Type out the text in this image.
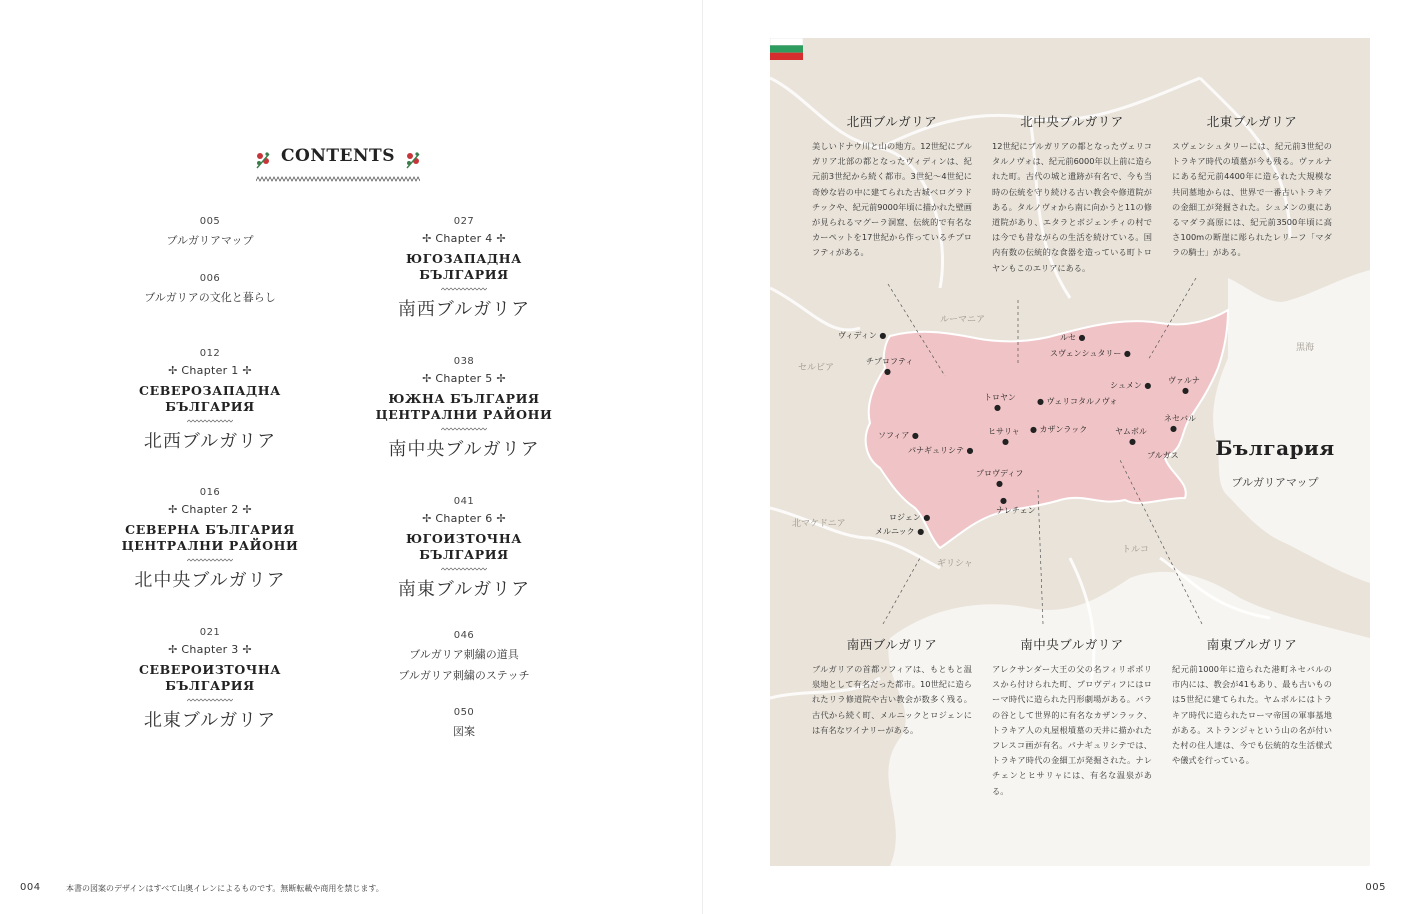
CONTENTS
005
ブルガリアマップ
006
ブルガリアの文化と暮らし
012
✢ Chapter 1 ✢
СЕВЕРОЗАПАДНА
БЪЛГАРИЯ
北西ブルガリア
016
✢ Chapter 2 ✢
СЕВЕРНА БЪЛГАРИЯ
ЦЕНТРАЛНИ РАЙОНИ
北中央ブルガリア
021
✢ Chapter 3 ✢
СЕВЕРОИЗТОЧНА
БЪЛГАРИЯ
北東ブルガリア
027
✢ Chapter 4 ✢
ЮГОЗАПАДНА
БЪЛГАРИЯ
南西ブルガリア
038
✢ Chapter 5 ✢
ЮЖНА БЪЛГАРИЯ
ЦЕНТРАЛНИ РАЙОНИ
南中央ブルガリア
041
✢ Chapter 6 ✢
ЮГОИЗТОЧНА
БЪЛГАРИЯ
南東ブルガリア
046
ブルガリア刺繍の道具
ブルガリア刺繍のステッチ
050
図案
004	本書の図案のデザインはすべて山奥イレンによるものです。無断転載や商用を禁じます。	005
北西ブルガリア
美しいドナウ川と山の地方。12世紀にブルガリア北部の都となったヴィディンは、紀元前3世紀から続く都市。3世紀〜4世紀に奇妙な岩の中に建てられた古城ベログラドチックや、紀元前9000年頃に描かれた壁画が見られるマグーラ洞窟、伝統的で有名なカーペットを17世紀から作っているチプロフティがある。
北中央ブルガリア
12世紀にブルガリアの都となったヴェリコタルノヴォは、紀元前6000年以上前に造られた町。古代の城と遺跡が有名で、今も当時の伝統を守り続ける古い教会や修道院がある。タルノヴォから南に向かうと11の修道院があり、エタラとボジェンチィの村では今でも昔ながらの生活を続けている。国内有数の伝統的な食器を造っている町トロヤンもこのエリアにある。
北東ブルガリア
スヴェンシュタリーには、紀元前3世紀のトラキア時代の墳墓が今も残る。ヴァルナにある紀元前4400年に造られた大規模な共同墓地からは、世界で一番古いトラキアの金細工が発掘された。シュメンの東にあるマダラ高原には、紀元前3500年頃に高さ100mの断崖に彫られたレリーフ「マダラの騎士」がある。
南西ブルガリア
ブルガリアの首都ソフィアは、もともと温泉地として有名だった都市。10世紀に造られたリラ修道院や古い教会が数多く残る。古代から続く町、メルニックとロジェンには有名なワイナリーがある。
南中央ブルガリア
アレクサンダー大王の父の名フィリポポリスから付けられた町、プロヴディフにはローマ時代に造られた円形劇場がある。バラの谷として世界的に有名なカザンラック、トラキア人の丸屋根墳墓の天井に描かれたフレスコ画が有名。パナギュリシテでは、トラキア時代の金細工が発掘された。ナレチェンとヒサリャには、有名な温泉がある。
南東ブルガリア
紀元前1000年に造られた港町ネセバルの市内には、教会が41もあり、最も古いものは5世紀に建てられた。ヤムボルにはトラキア時代に造られたローマ帝国の軍事基地がある。ストランジャという山の名が付いた村の住人達は、今でも伝統的な生活様式や儀式を行っている。
ルーマニア
セルビア
黒海
北マケドニア
ギリシャ
トルコ
ヴィディン ●
チプロフティ
●
ルセ ●
スヴェンシュタリー ●
シュメン ●
ヴァルナ
●
トロヤン
●
● ヴェリコタルノヴォ
ネセバル
●
ソフィア ●	ヒサリャ
●
● カザンラック	ヤムボル
●
パナギュリシテ ●
ブルガス
プロヴディフ
●
ロジェン ●
メルニック ●
●
ナレチェン
България
ブルガリアマップ
